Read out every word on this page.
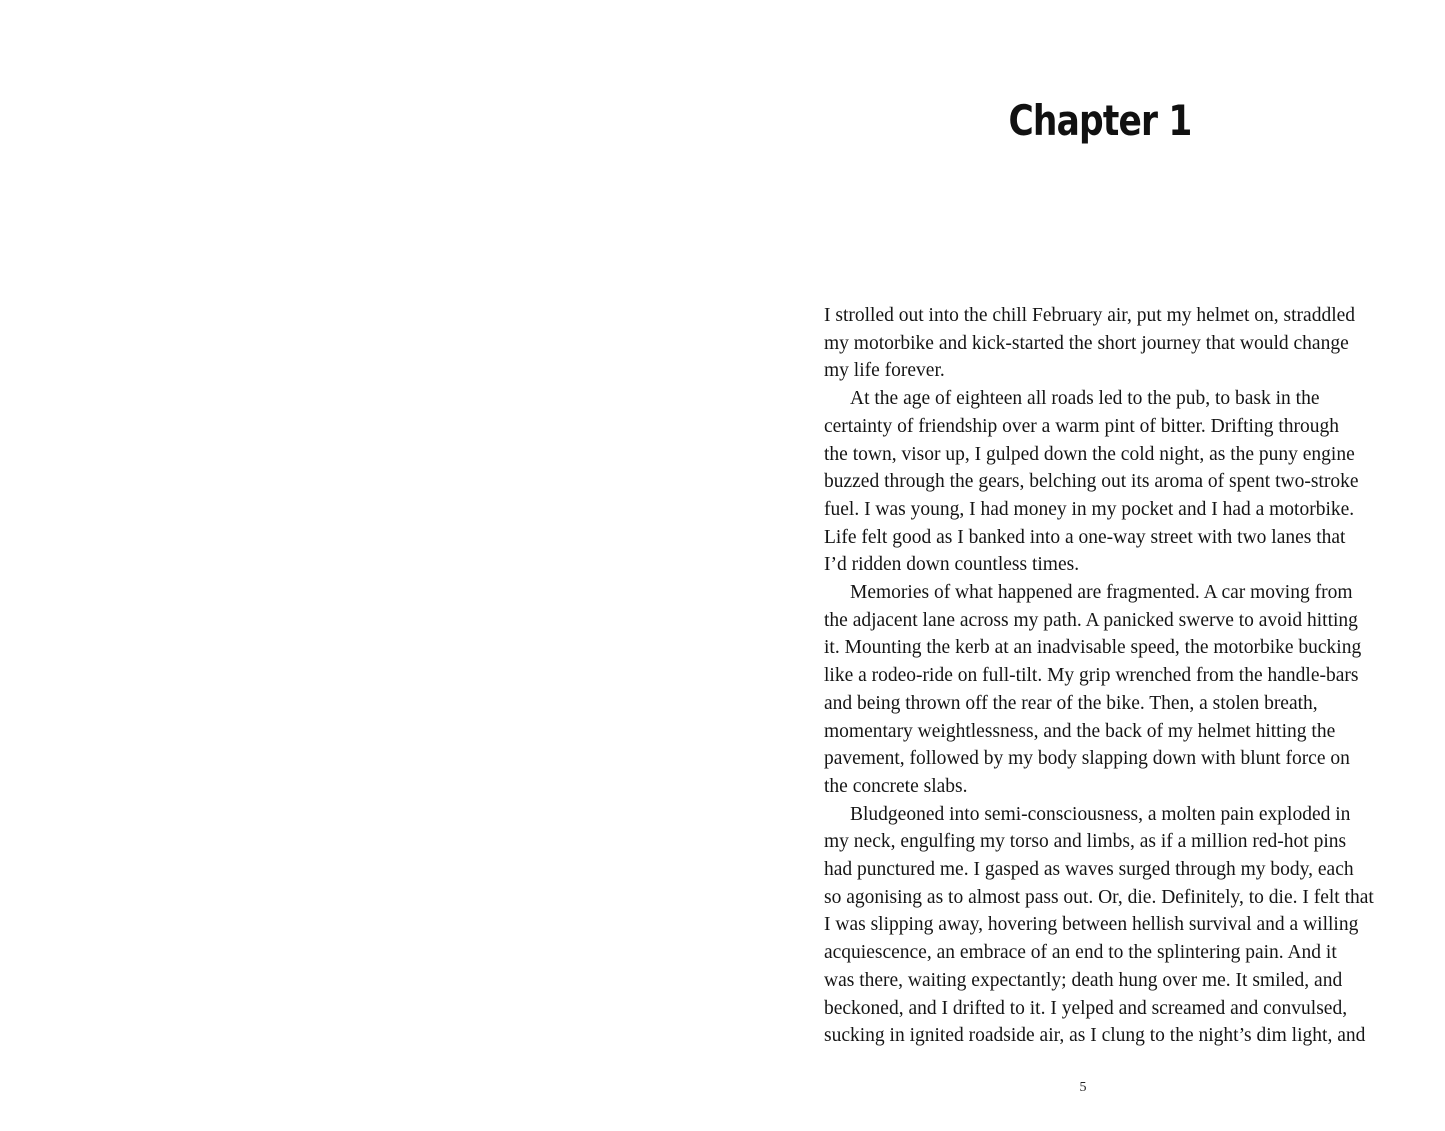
Chapter 1
I strolled out into the chill February air, put my helmet on, straddled
my motorbike and kick-started the short journey that would change
my life forever.
At the age of eighteen all roads led to the pub, to bask in the
certainty of friendship over a warm pint of bitter. Drifting through
the town, visor up, I gulped down the cold night, as the puny engine
buzzed through the gears, belching out its aroma of spent two-stroke
fuel. I was young, I had money in my pocket and I had a motorbike.
Life felt good as I banked into a one-way street with two lanes that
I’d ridden down countless times.
Memories of what happened are fragmented. A car moving from
the adjacent lane across my path. A panicked swerve to avoid hitting
it. Mounting the kerb at an inadvisable speed, the motorbike bucking
like a rodeo-ride on full-tilt. My grip wrenched from the handle-bars
and being thrown off the rear of the bike. Then, a stolen breath,
momentary weightlessness, and the back of my helmet hitting the
pavement, followed by my body slapping down with blunt force on
the concrete slabs.
Bludgeoned into semi-consciousness, a molten pain exploded in
my neck, engulfing my torso and limbs, as if a million red-hot pins
had punctured me. I gasped as waves surged through my body, each
so agonising as to almost pass out. Or, die. Definitely, to die. I felt that
I was slipping away, hovering between hellish survival and a willing
acquiescence, an embrace of an end to the splintering pain. And it
was there, waiting expectantly; death hung over me. It smiled, and
beckoned, and I drifted to it. I yelped and screamed and convulsed,
sucking in ignited roadside air, as I clung to the night’s dim light, and
5
